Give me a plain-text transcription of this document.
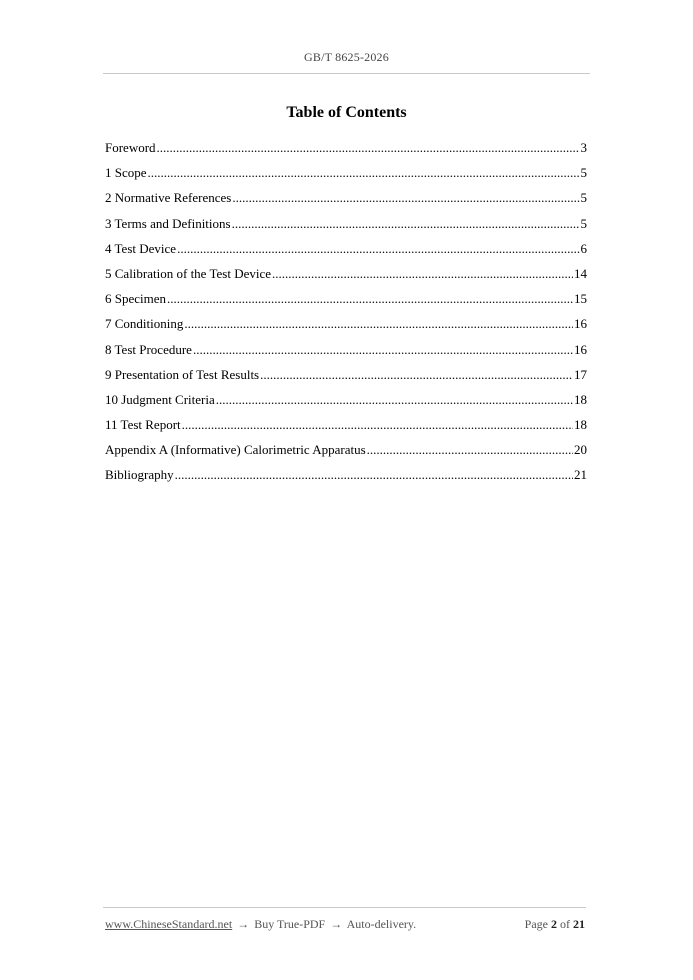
GB/T 8625-2026
Table of Contents
Foreword .....	3
1 Scope .....	5
2 Normative References .....	5
3 Terms and Definitions .....	5
4 Test Device .....	6
5 Calibration of the Test Device .....	14
6 Specimen .....	15
7 Conditioning .....	16
8 Test Procedure .....	16
9 Presentation of Test Results .....	17
10 Judgment Criteria .....	18
11 Test Report .....	18
Appendix A (Informative) Calorimetric Apparatus .....	20
Bibliography .....	21
www.ChineseStandard.net → Buy True-PDF → Auto-delivery.	Page 2 of 21
